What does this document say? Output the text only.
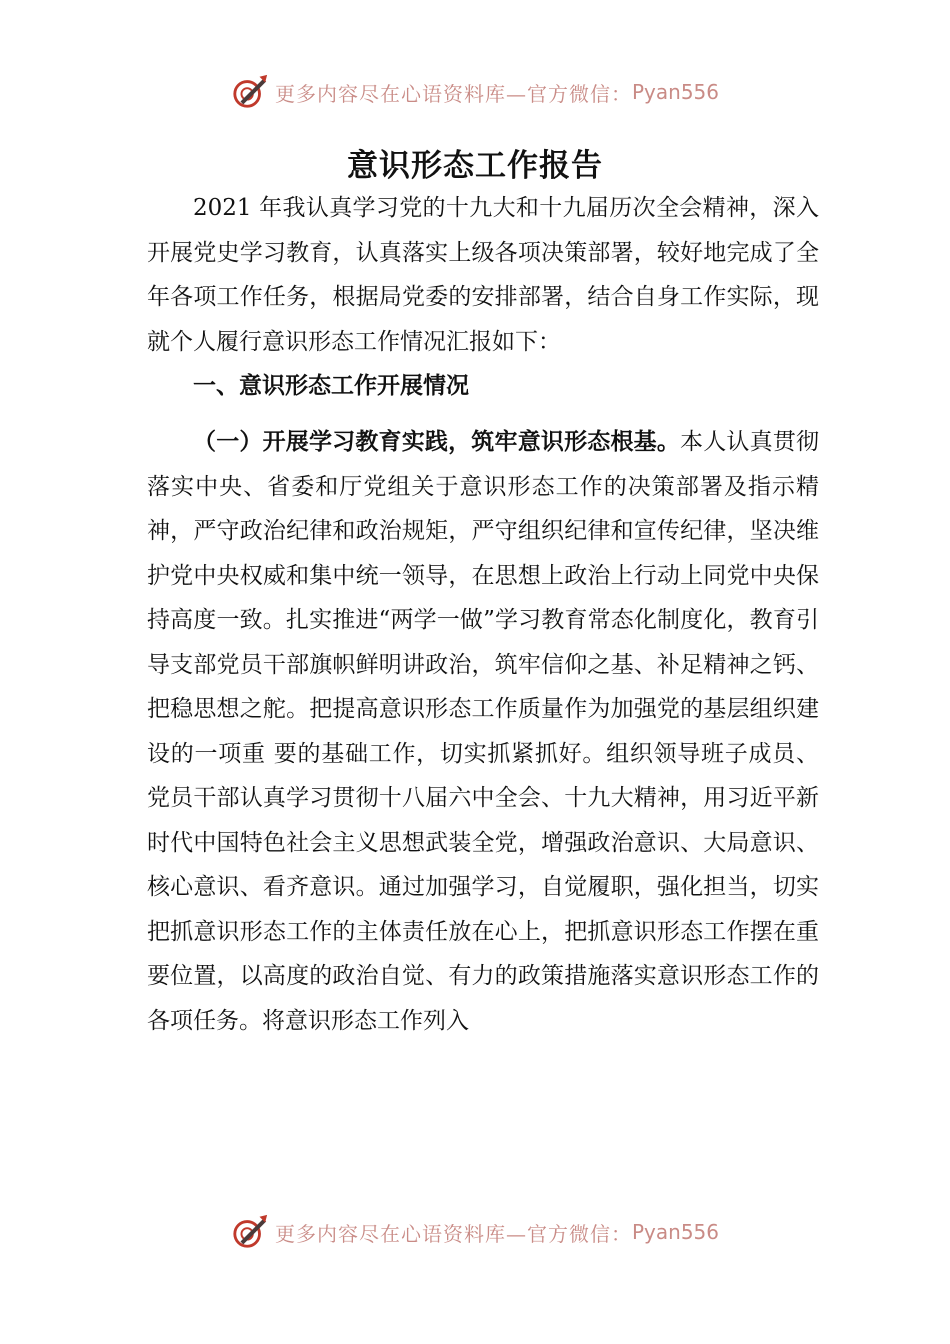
更多内容尽在心语资料库—官方微信： Pyan556
意识形态工作报告

2021 年我认真学习党的十九大和十九届历次全会精神，深入开展党史学习教育，认真落实上级各项决策部署，较好地完成了全年各项工作任务，根据局党委的安排部署，结合自身工作实际，现就个人履行意识形态工作情况汇报如下：

一、意识形态工作开展情况

（一）开展学习教育实践，筑牢意识形态根基。本人认真贯彻落实中央、省委和厅党组关于意识形态工作的决策部署及指示精神，严守政治纪律和政治规矩，严守组织纪律和宣传纪律，坚决维护党中央权威和集中统一领导，在思想上政治上行动上同党中央保持高度一致。扎实推进“两学一做”学习教育常态化制度化，教育引导支部党员干部旗帜鲜明讲政治，筑牢信仰之基、补足精神之钙、把稳思想之舵。把提高意识形态工作质量作为加强党的基层组织建设的一项重 要的基础工作，切实抓紧抓好。组织领导班子成员、党员干部认真学习贯彻十八届六中全会、十九大精神，用习近平新时代中国特色社会主义思想武装全党，增强政治意识、大局意识、核心意识、看齐意识。通过加强学习，自觉履职，强化担当，切实把抓意识形态工作的主体责任放在心上，把抓意识形态工作摆在重要位置，以高度的政治自觉、有力的政策措施落实意识形态工作的各项任务。将意识形态工作列入

更多内容尽在心语资料库—官方微信： Pyan556
